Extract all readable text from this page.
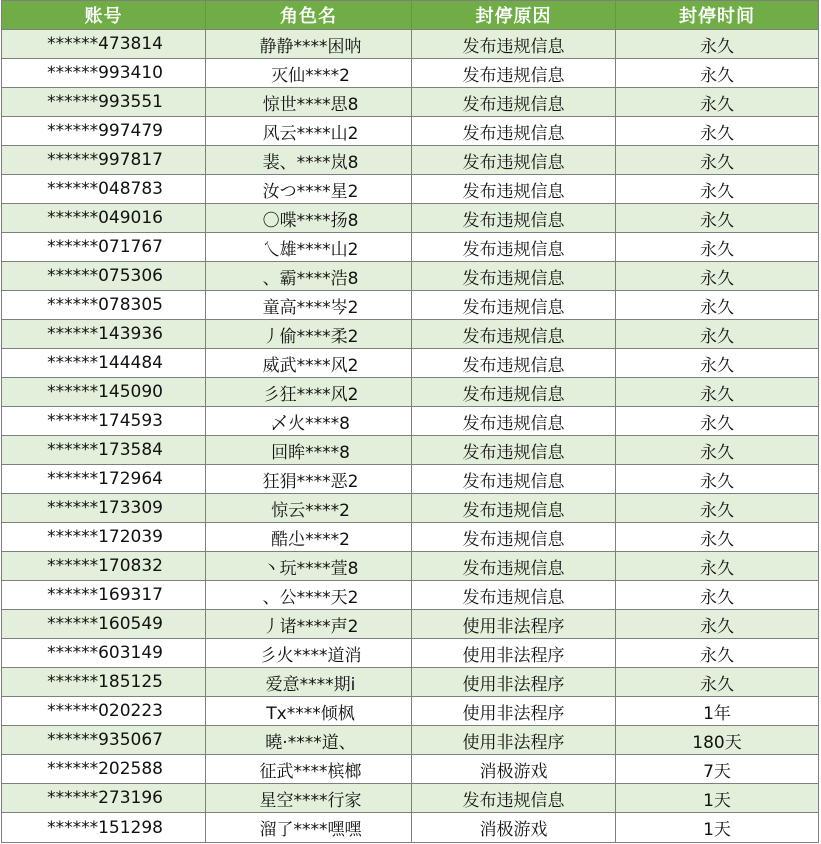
账号	角色名	封停原因	封停时间
******473814	静静****困呐	发布违规信息	永久
******993410	灭仙****2	发布违规信息	永久
******993551	惊世****思8	发布违规信息	永久
******997479	风云****山2	发布违规信息	永久
******997817	裴、****岚8	发布违规信息	永久
******048783	汝つ****星2	发布违规信息	永久
******049016	〇喋****扬8	发布违规信息	永久
******071767	乀雄****山2	发布违规信息	永久
******075306	、霸****浩8	发布违规信息	永久
******078305	童高****岑2	发布违规信息	永久
******143936	丿偷****柔2	发布违规信息	永久
******144484	威武****风2	发布违规信息	永久
******145090	彡狂****风2	发布违规信息	永久
******174593	乄火****8	发布违规信息	永久
******173584	回眸****8	发布违规信息	永久
******172964	狂狷****恶2	发布违规信息	永久
******173309	惊云****2	发布违规信息	永久
******172039	酷尐****2	发布违规信息	永久
******170832	丶玩****萱8	发布违规信息	永久
******169317	、公****天2	发布违规信息	永久
******160549	丿诸****声2	使用非法程序	永久
******603149	彡火****道消	使用非法程序	永久
******185125	爱意****期i	使用非法程序	永久
******020223	Tx****倾枫	使用非法程序	1年
******935067	曉·****道、	使用非法程序	180天
******202588	征武****槟榔	消极游戏	7天
******273196	星空****行家	发布违规信息	1天
******151298	溜了****嘿嘿	消极游戏	1天
